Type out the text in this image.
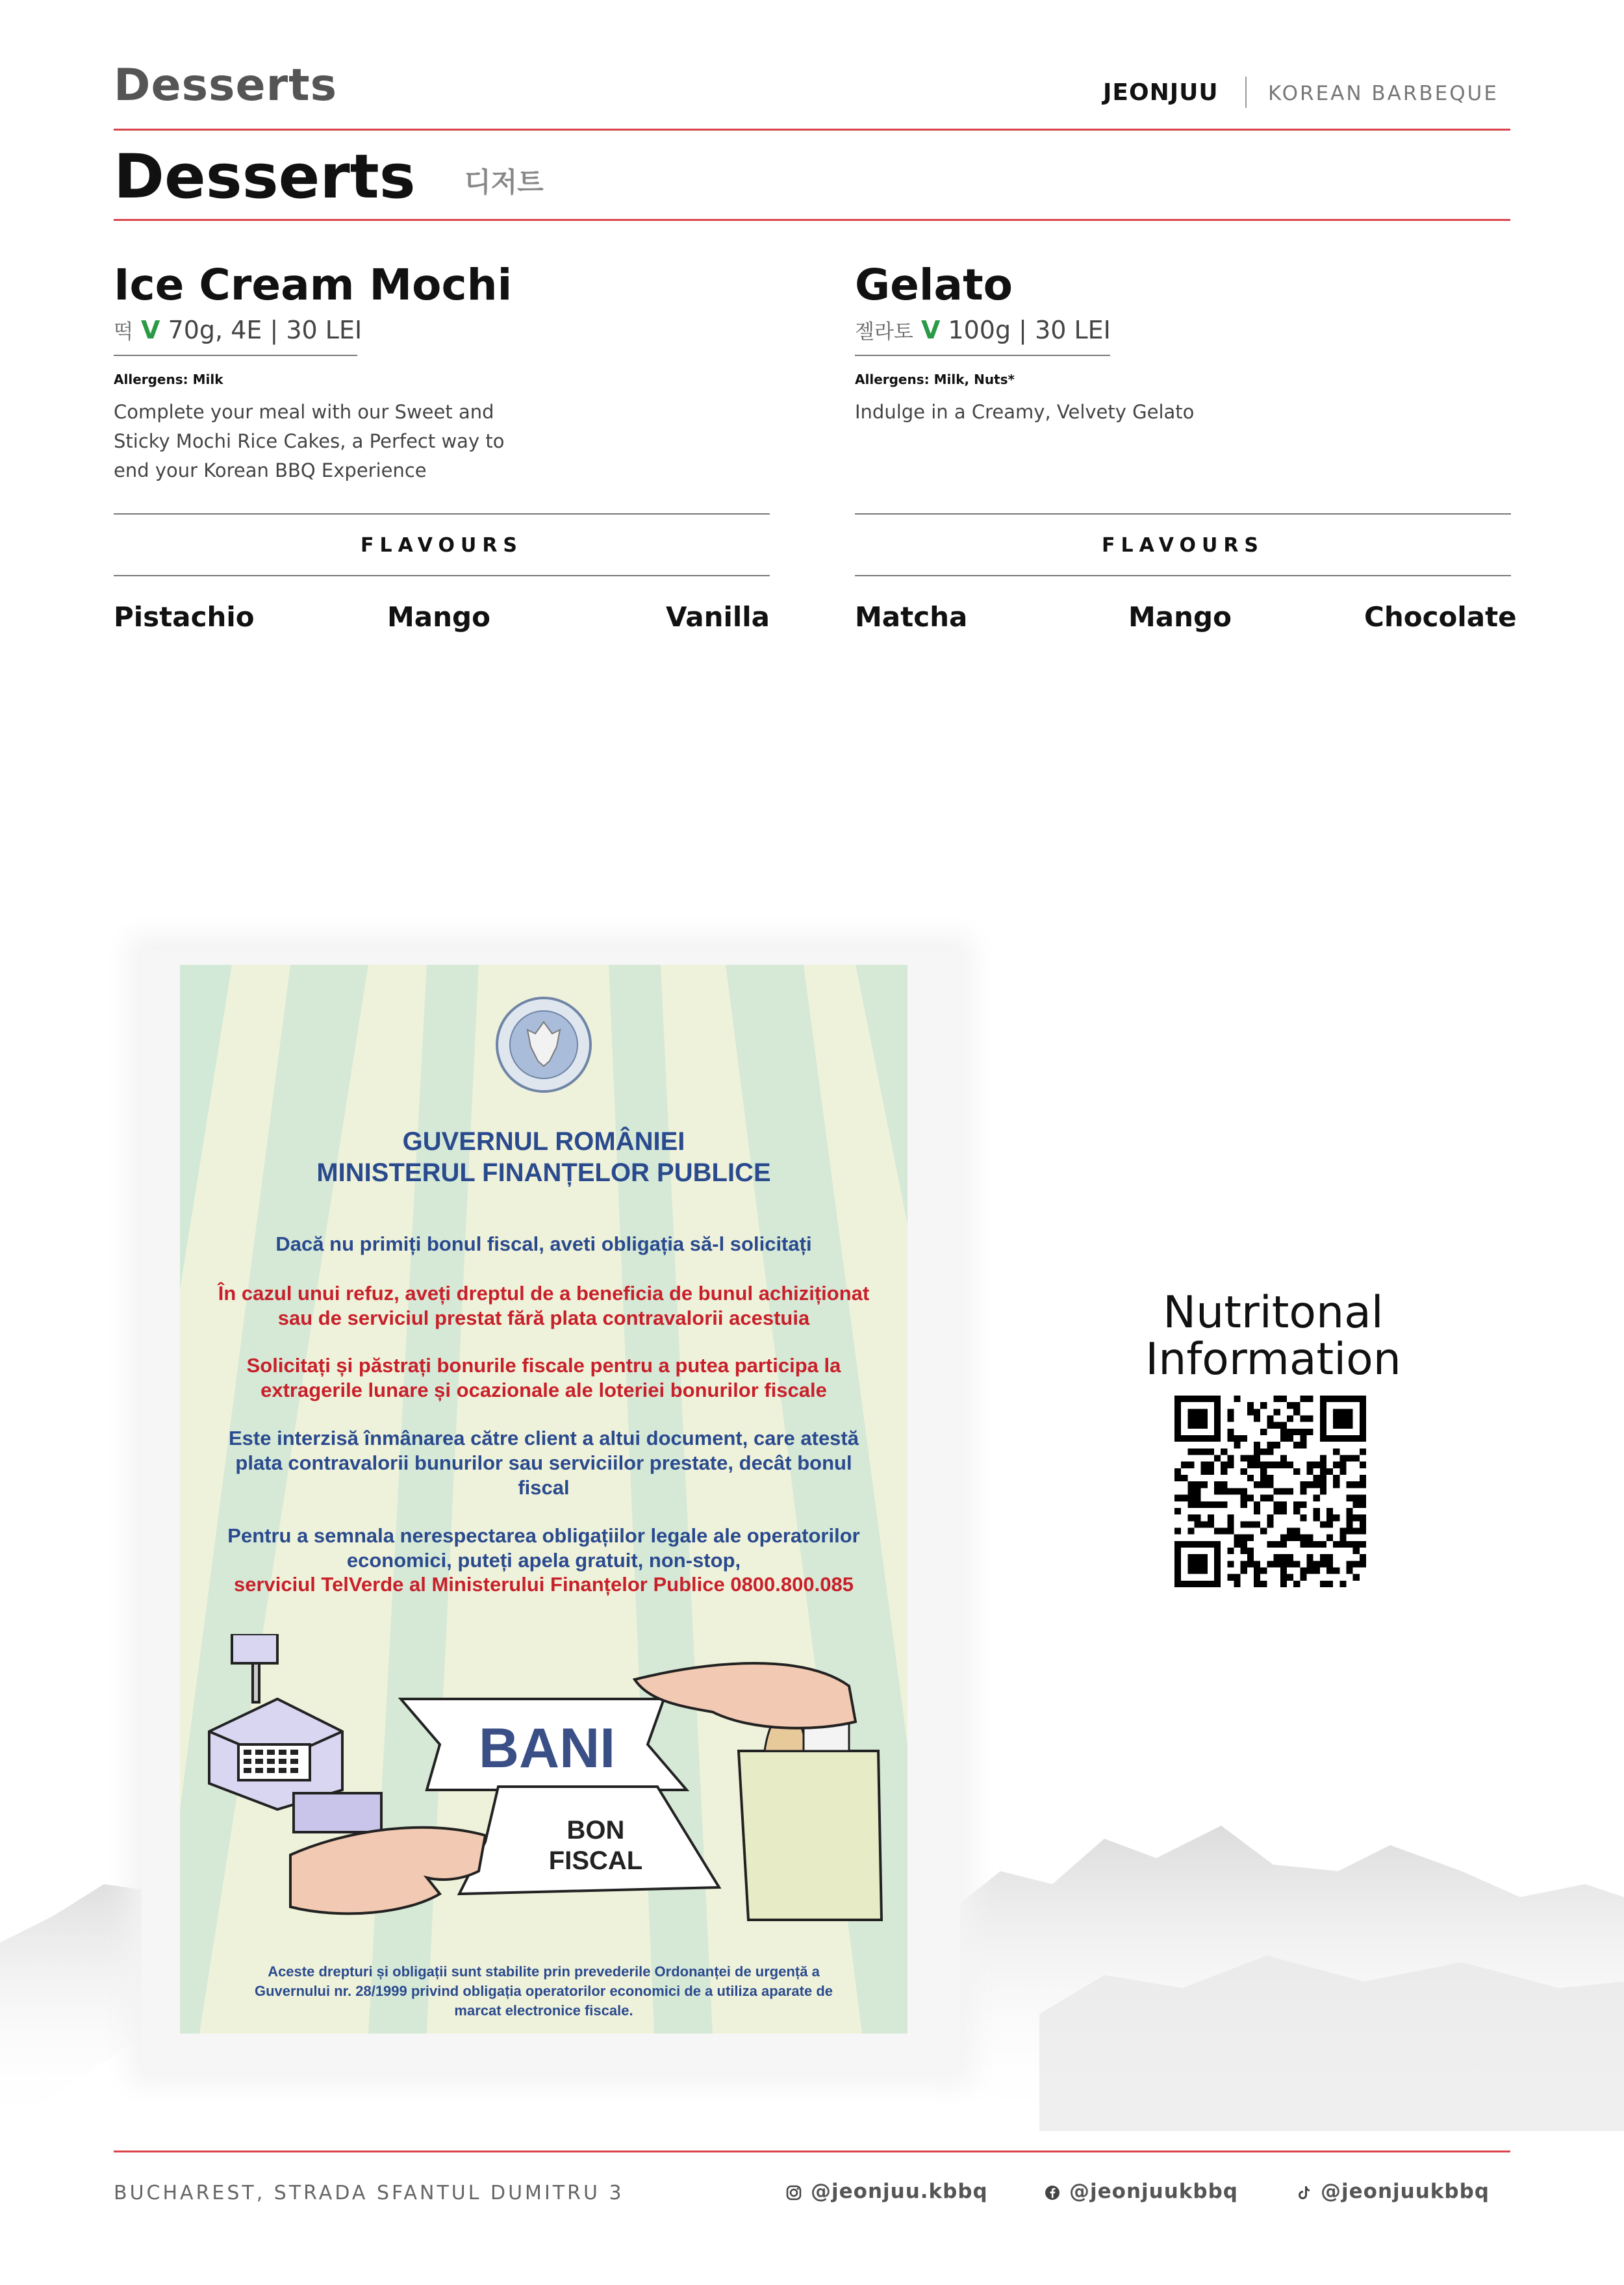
Desserts	JEONJUU KOREAN BARBEQUE
Desserts 디저트
Ice Cream Mochi
떡 V 70g, 4E | 30 LEI
Allergens: Milk
Complete your meal with our Sweet and
Sticky Mochi Rice Cakes, a Perfect way to
end your Korean BBQ Experience
FLAVOURS
Pistachio	Mango	Vanilla
Gelato
젤라토 V 100g | 30 LEI
Allergens: Milk, Nuts*
Indulge in a Creamy, Velvety Gelato
FLAVOURS
Matcha	Mango	Chocolate
GUVERNUL ROMÂNIEI
MINISTERUL FINANȚELOR PUBLICE
Dacă nu primiți bonul fiscal, aveti obligația să-l solicitați
În cazul unui refuz, aveți dreptul de a beneficia de bunul achiziționat
sau de serviciul prestat fără plata contravalorii acestuia
Solicitați și păstrați bonurile fiscale pentru a putea participa la
extragerile lunare și ocazionale ale loteriei bonurilor fiscale
Este interzisă înmânarea către client a altui document, care atestă
plata contravalorii bunurilor sau serviciilor prestate, decât bonul
fiscal
Pentru a semnala nerespectarea obligațiilor legale ale operatorilor
economici, puteți apela gratuit, non-stop,
serviciul TelVerde al Ministerului Finanțelor Publice 0800.800.085
BANI
BON
FISCAL
Aceste drepturi și obligații sunt stabilite prin prevederile Ordonanței de urgență a
Guvernului nr. 28/1999 privind obligația operatorilor economici de a utiliza aparate de
marcat electronice fiscale.
Nutritonal
Information
BUCHAREST, STRADA SFANTUL DUMITRU 3	@jeonjuu.kbbq	@jeonjuukbbq	@jeonjuukbbq
